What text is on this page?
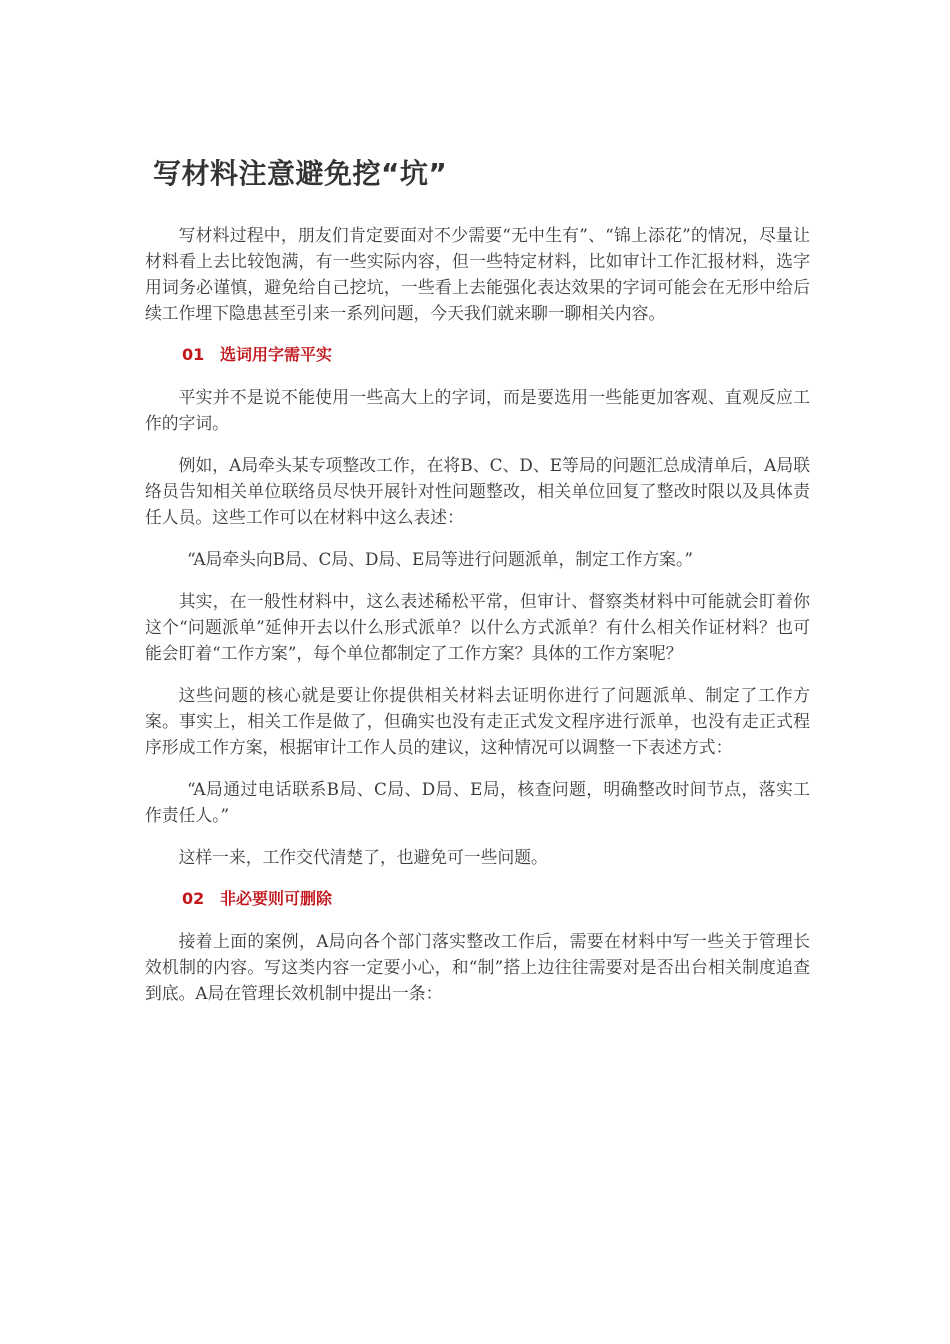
写材料注意避免挖“坑”

写材料过程中，朋友们肯定要面对不少需要“无中生有”、“锦上添花”的情况，尽量让材料看上去比较饱满，有一些实际内容，但一些特定材料，比如审计工作汇报材料，选字用词务必谨慎，避免给自己挖坑，一些看上去能强化表达效果的字词可能会在无形中给后续工作埋下隐患甚至引来一系列问题，今天我们就来聊一聊相关内容。

01 选词用字需平实

平实并不是说不能使用一些高大上的字词，而是要选用一些能更加客观、直观反应工作的字词。

例如，A局牵头某专项整改工作，在将B、C、D、E等局的问题汇总成清单后，A局联络员告知相关单位联络员尽快开展针对性问题整改，相关单位回复了整改时限以及具体责任人员。这些工作可以在材料中这么表述：

“A局牵头向B局、C局、D局、E局等进行问题派单，制定工作方案。”

其实，在一般性材料中，这么表述稀松平常，但审计、督察类材料中可能就会盯着你这个“问题派单”延伸开去以什么形式派单？以什么方式派单？有什么相关作证材料？也可能会盯着“工作方案”，每个单位都制定了工作方案？具体的工作方案呢？

这些问题的核心就是要让你提供相关材料去证明你进行了问题派单、制定了工作方案。事实上，相关工作是做了，但确实也没有走正式发文程序进行派单，也没有走正式程序形成工作方案，根据审计工作人员的建议，这种情况可以调整一下表述方式：

“A局通过电话联系B局、C局、D局、E局，核查问题，明确整改时间节点，落实工作责任人。”

这样一来，工作交代清楚了，也避免可一些问题。

02 非必要则可删除

接着上面的案例，A局向各个部门落实整改工作后，需要在材料中写一些关于管理长效机制的内容。写这类内容一定要小心，和“制”搭上边往往需要对是否出台相关制度追查到底。A局在管理长效机制中提出一条：
